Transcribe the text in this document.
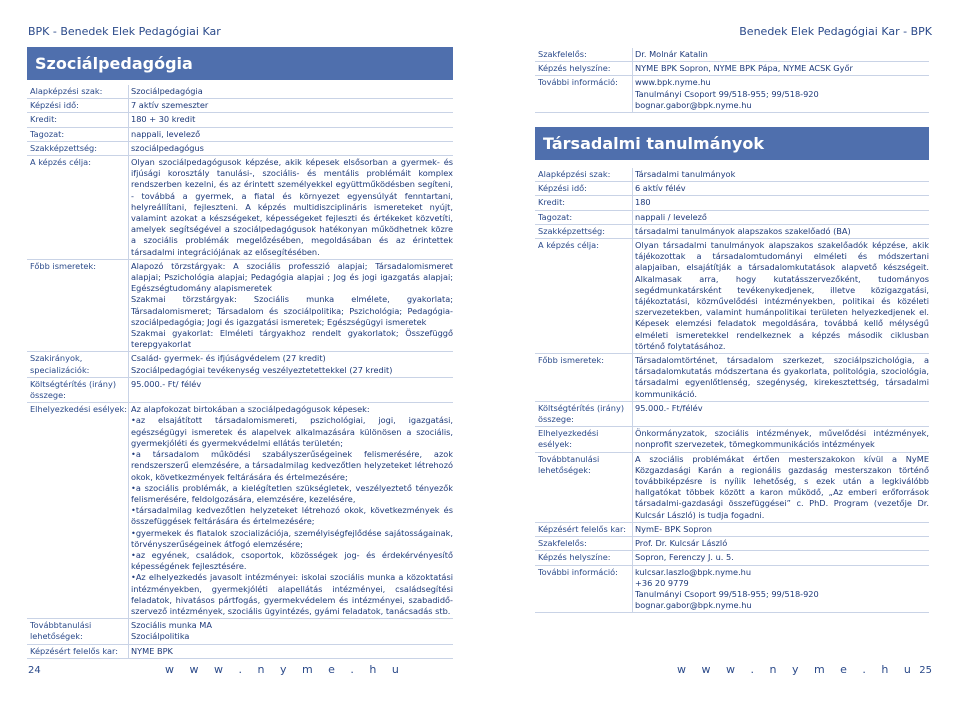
BPK - Benedek Elek Pedagógiai Kar
Szociálpedagógia
Alapképzési szak:	Szociálpedagógia

Képzési idő:	7 aktív szemeszter

Kredit:	180 + 30 kredit

Tagozat:	nappali, levelező

Szakképzettség:	szociálpedagógus

A képzés célja:	Olyan szociálpedagógusok képzése, akik képesek elsősorban a gyermek- és ifjúsági korosztály tanulási-, szociális- és mentális problémáit komplex rendszerben kezelni, és az érintett személyekkel együttműködésben segíteni, - továbbá a gyermek, a fiatal és környezet egyensúlyát fenntartani, helyreállítani, fejleszteni. A képzés multidiszciplináris ismereteket nyújt, valamint azokat a készségeket, képességeket fejleszti és értékeket közvetíti, amelyek segítségével a szociálpedagógusok hatékonyan működhetnek közre a szociális problémák megelőzésében, megoldásában és az érintettek társadalmi integrációjának az elősegítésében.

Főbb ismeretek:	Alapozó törzstárgyak: A szociális professzió alapjai; Társadalomismeret alapjai; Pszichológia alapjai; Pedagógia alapjai ; Jog és jogi igazgatás alapjai; Egészségtudomány alapismeretek

Szakmai törzstárgyak: Szociális munka elmélete, gyakorlata; Társadalomismeret; Társadalom és szociálpolitika; Pszichológia; Pedagógia- szociálpedagógia; Jogi és igazgatási ismeretek; Egészségügyi ismeretek

Szakmai gyakorlat: Elméleti tárgyakhoz rendelt gyakorlatok; Összefüggő terepgyakorlat

Szakirányok, specializációk:

Család- gyermek- és ifjúságvédelem (27 kredit)

Szociálpedagógiai tevékenység veszélyeztetettekkel (27 kredit)

Költségtérítés (irány) összege:

95.000.- Ft/ félév

Elhelyezkedési esélyek: Az alapfokozat birtokában a szociálpedagógusok képesek:

•az elsajátított társadalomismereti, pszichológiai, jogi, igazgatási, egészségügyi ismeretek és alapelvek alkalmazására különösen a szociális, gyermekjóléti és gyermekvédelmi ellátás területén;

•a társadalom működési szabályszerűségeinek felismerésére, azok rendszerszerű elemzésére, a társadalmilag kedvezőtlen helyzeteket létrehozó okok, következmények feltárására és értelmezésére;

•a szociális problémák, a kielégítetlen szükségletek, veszélyeztető tényezők felismerésére, feldolgozására, elemzésére, kezelésére,

•társadalmilag kedvezőtlen helyzeteket létrehozó okok, következmények és összefüggések feltárására és értelmezésére;

•gyermekek és fiatalok szocializációja, személyiségfejlődése sajátosságainak, törvényszerűségeinek átfogó elemzésére;

•az egyének, családok, csoportok, közösségek jog- és érdekérvényesítő képességének fejlesztésére.

•Az elhelyezkedés javasolt intézményei: iskolai szociális munka a közoktatási intézményekben, gyermekjóléti alapellátás intézményei, családsegítési feladatok, hivatásos pártfogás, gyermekvédelem és intézményei, szabadidő-szervező intézmények, szociális ügyintézés, gyámi feladatok, tanácsadás stb.

Továbbtanulási lehetőségek:

Szociális munka MA

Szociálpolitika

Képzésért felelős kar:	NYME BPK

24	w w w . n y m e . h u
Benedek Elek Pedagógiai Kar - BPK
Szakfelelős:	Dr. Molnár Katalin

Képzés helyszíne:	NYME BPK Sopron, NYME BPK Pápa, NYME ACSK Győr

További információ:	www.bpk.nyme.hu

Tanulmányi Csoport 99/518-955; 99/518-920

bognar.gabor@bpk.nyme.hu

Társadalmi tanulmányok
Alapképzési szak:	Társadalmi tanulmányok

Képzési idő:	6 aktív félév

Kredit:	180

Tagozat:	nappali / levelező

Szakképzettség:	társadalmi tanulmányok alapszakos szakelőadó (BA)

A képzés célja:	Olyan társadalmi tanulmányok alapszakos szakelőadók képzése, akik tájékozottak a társadalomtudományi elméleti és módszertani alapjaiban, elsajátítják a társadalomkutatások alapvető készségeit. Alkalmasak arra, hogy kutatásszervezőként, tudományos segédmunkatársként tevékenykedjenek, illetve közigazgatási, tájékoztatási, közművelődési intézményekben, politikai és közéleti szervezetekben, valamint humánpolitikai területen helyezkedjenek el. Képesek elemzési feladatok megoldására, továbbá kellő mélységű elméleti ismeretekkel rendelkeznek a képzés második ciklusban történő folytatásához.

Főbb ismeretek:	Társadalomtörténet, társadalom szerkezet, szociálpszichológia, a társadalomkutatás módszertana és gyakorlata, politológia, szociológia, társadalmi egyenlőtlenség, szegénység, kirekesztettség, társadalmi kommunikáció.

Költségtérítés (irány) összege:

95.000.- Ft/félév

Elhelyezkedési esélyek:

Önkormányzatok, szociális intézmények, művelődési intézmények, nonprofit szervezetek, tömegkommunikációs intézmények

Továbbtanulási lehetőségek:

A szociális problémákat értően mesterszakokon kívül a NyME Közgazdasági Karán a regionális gazdaság mesterszakon történő továbbiképzésre is nyílik lehetőség, s ezek után a legkiválóbb hallgatókat többek között a karon működő, „Az emberi erőforrások társadalmi-gazdasági összefüggései” c. PhD. Program (vezetője Dr. Kulcsár László) is tudja fogadni.

Képzésért felelős kar:	NymE- BPK Sopron

Szakfelelős:	Prof. Dr. Kulcsár László

Képzés helyszíne:	Sopron, Ferenczy J. u. 5.

További információ:	kulcsar.laszlo@bpk.nyme.hu

+36 20 9779

Tanulmányi Csoport 99/518-955; 99/518-920

bognar.gabor@bpk.nyme.hu

w w w . n y m e . h u 25
